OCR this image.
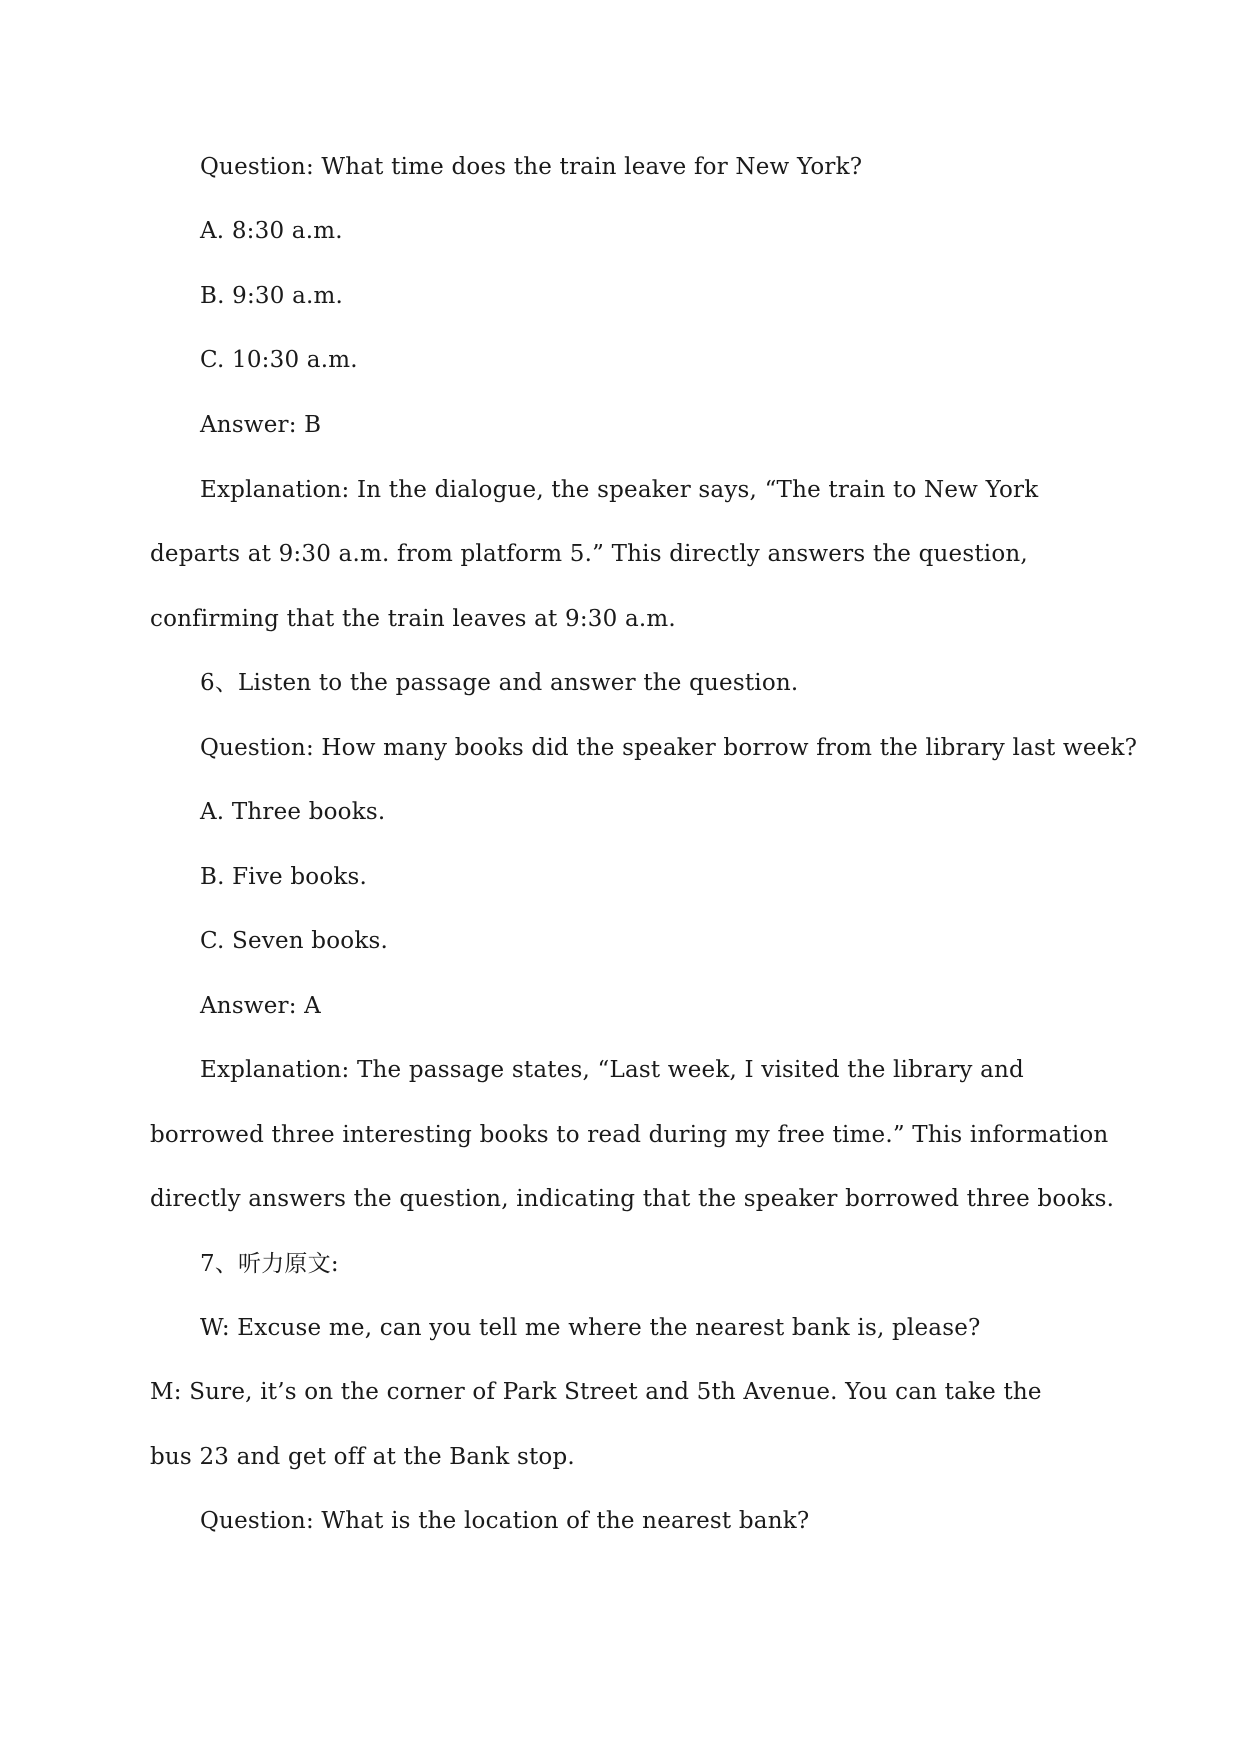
Question: What time does the train leave for New York?
A. 8:30 a.m.
B. 9:30 a.m.
C. 10:30 a.m.
Answer: B
Explanation: In the dialogue, the speaker says, “The train to New York
departs at 9:30 a.m. from platform 5.” This directly answers the question,
confirming that the train leaves at 9:30 a.m.
6、Listen to the passage and answer the question.
Question: How many books did the speaker borrow from the library last week?
A. Three books.
B. Five books.
C. Seven books.
Answer: A
Explanation: The passage states, “Last week, I visited the library and
borrowed three interesting books to read during my free time.” This information
directly answers the question, indicating that the speaker borrowed three books.
7、听力原文:
W: Excuse me, can you tell me where the nearest bank is, please?
M: Sure, it’s on the corner of Park Street and 5th Avenue. You can take the
bus 23 and get off at the Bank stop.
Question: What is the location of the nearest bank?
